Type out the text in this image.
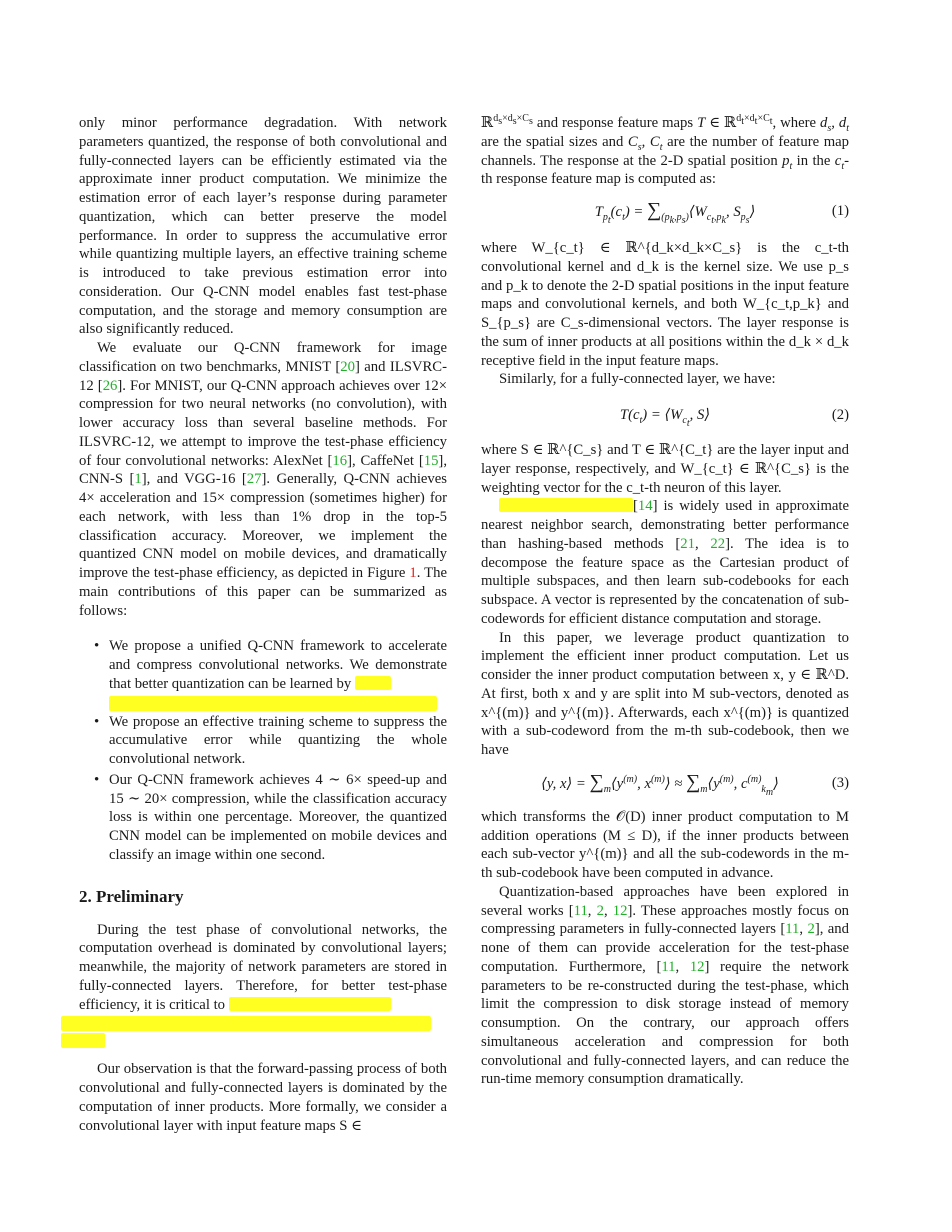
only minor performance degradation. With network parameters quantized, the response of both convolutional and fully-connected layers can be efficiently estimated via the approximate inner product computation. We minimize the estimation error of each layer’s response during parameter quantization, which can better preserve the model performance. In order to suppress the accumulative error while quantizing multiple layers, an effective training scheme is introduced to take previous estimation error into consideration. Our Q-CNN model enables fast test-phase computation, and the storage and memory consumption are also significantly reduced.

We evaluate our Q-CNN framework for image classification on two benchmarks, MNIST [20] and ILSVRC-12 [26]. For MNIST, our Q-CNN approach achieves over 12× compression for two neural networks (no convolution), with lower accuracy loss than several baseline methods. For ILSVRC-12, we attempt to improve the test-phase efficiency of four convolutional networks: AlexNet [16], CaffeNet [15], CNN-S [1], and VGG-16 [27]. Generally, Q-CNN achieves 4× acceleration and 15× compression (sometimes higher) for each network, with less than 1% drop in the top-5 classification accuracy. Moreover, we implement the quantized CNN model on mobile devices, and dramatically improve the test-phase efficiency, as depicted in Figure 1. The main contributions of this paper can be summarized as follows:

• We propose a unified Q-CNN framework to accelerate and compress convolutional networks. We demonstrate that better quantization can be learned by
• We propose an effective training scheme to suppress the accumulative error while quantizing the whole convolutional network.
• Our Q-CNN framework achieves 4 ∼ 6× speed-up and 15 ∼ 20× compression, while the classification accuracy loss is within one percentage. Moreover, the quantized CNN model can be implemented on mobile devices and classify an image within one second.
2. Preliminary

During the test phase of convolutional networks, the computation overhead is dominated by convolutional layers; meanwhile, the majority of network parameters are stored in fully-connected layers. Therefore, for better test-phase efficiency, it is critical to

Our observation is that the forward-passing process of both convolutional and fully-connected layers is dominated by the computation of inner products. More formally, we consider a convolutional layer with input feature maps S ∈

ℝ$^{d_s\times d_s\times C_s}$ and response feature maps T ∈ ℝ$^{d_t\times d_t\times C_t}$, where $d_s$, $d_t$ are the spatial sizes and $C_s$, $C_t$ are the number of feature map channels. The response at the 2-D spatial position $p_t$ in the $c_t-th$ response feature map is computed as:

$T_{p_t}(c_t)$ = $\sum_{(p_k,p_s)}⟨W_{c_t,p_k}$, $S_{p_s}⟩$	(1)

where W_{c_t} ∈ ℝ^{d_k×d_k×C_s} is the c_t-th convolutional kernel and d_k is the kernel size. We use p_s and p_k to denote the 2-D spatial positions in the input feature maps and convolutional kernels, and both W_{c_t,p_k} and S_{p_s} are C_s-dimensional vectors. The layer response is the sum of inner products at all positions within the d_k × d_k receptive field in the input feature maps.

Similarly, for a fully-connected layer, we have:

$T(c_t)$ = $⟨W_{c_t}$, S⟩	(2)

where S ∈ ℝ^{C_s} and T ∈ ℝ^{C_t} are the layer input and layer response, respectively, and W_{c_t} ∈ ℝ^{C_s} is the weighting vector for the c_t-th neuron of this layer.

[14] is widely used in approximate nearest neighbor search, demonstrating better performance than hashing-based methods [21, 22]. The idea is to decompose the feature space as the Cartesian product of multiple subspaces, and then learn sub-codebooks for each subspace. A vector is represented by the concatenation of sub-codewords for efficient distance computation and storage.

In this paper, we leverage product quantization to implement the efficient inner product computation. Let us consider the inner product computation between x, y ∈ ℝ^D. At first, both x and y are split into M sub-vectors, denoted as x^{(m)} and y^{(m)}. Afterwards, each x^{(m)} is quantized with a sub-codeword from the m-th sub-codebook, then we have

⟨y, x⟩ = $\sum_m⟨y^{(m)}$, $x^{(m)}⟩$ ≈ $\sum_m⟨y^{(m)}$, $c^{(m)}_{k_m}⟩$	(3)

which transforms the 𝒪(D) inner product computation to M addition operations (M ≤ D), if the inner products between each sub-vector y^{(m)} and all the sub-codewords in the m-th sub-codebook have been computed in advance.

Quantization-based approaches have been explored in several works [11, 2, 12]. These approaches mostly focus on compressing parameters in fully-connected layers [11, 2], and none of them can provide acceleration for the test-phase computation. Furthermore, [11, 12] require the network parameters to be re-constructed during the test-phase, which limit the compression to disk storage instead of memory consumption. On the contrary, our approach offers simultaneous acceleration and compression for both convolutional and fully-connected layers, and can reduce the run-time memory consumption dramatically.
